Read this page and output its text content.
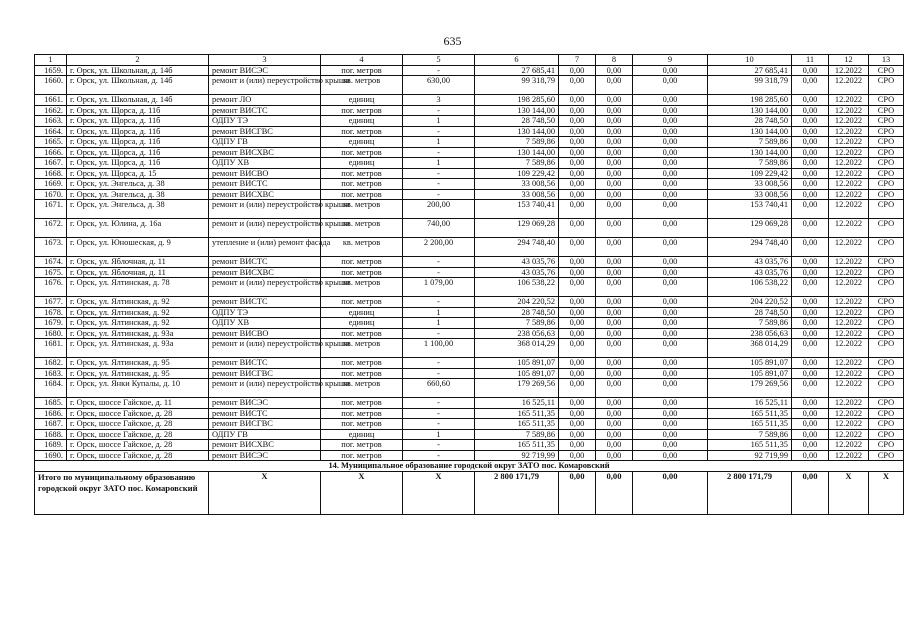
635
1	2	3	4	5	6	7	8	9	10	11	12	13
1659.	г. Орск, ул. Школьная, д. 14б	ремонт ВИСЭС	пог. метров	-	27 685,41	0,00	0,00	0,00	27 685,41	0,00	12.2022	СРО
1660.	г. Орск, ул. Школьная, д. 14б	ремонт и (или) переустройство крыши	кв. метров	630,00	99 318,79	0,00	0,00	0,00	99 318,79	0,00	12.2022	СРО
1661.	г. Орск, ул. Школьная, д. 14б	ремонт ЛО	единиц	3	198 285,60	0,00	0,00	0,00	198 285,60	0,00	12.2022	СРО
1662.	г. Орск, ул. Щорса, д. 11б	ремонт ВИСТС	пог. метров	-	130 144,00	0,00	0,00	0,00	130 144,00	0,00	12.2022	СРО
1663.	г. Орск, ул. Щорса, д. 11б	ОДПУ ТЭ	единиц	1	28 748,50	0,00	0,00	0,00	28 748,50	0,00	12.2022	СРО
1664.	г. Орск, ул. Щорса, д. 11б	ремонт ВИСГВС	пог. метров	-	130 144,00	0,00	0,00	0,00	130 144,00	0,00	12.2022	СРО
1665.	г. Орск, ул. Щорса, д. 11б	ОДПУ ГВ	единиц	1	7 589,86	0,00	0,00	0,00	7 589,86	0,00	12.2022	СРО
1666.	г. Орск, ул. Щорса, д. 11б	ремонт ВИСХВС	пог. метров	-	130 144,00	0,00	0,00	0,00	130 144,00	0,00	12.2022	СРО
1667.	г. Орск, ул. Щорса, д. 11б	ОДПУ ХВ	единиц	1	7 589,86	0,00	0,00	0,00	7 589,86	0,00	12.2022	СРО
1668.	г. Орск, ул. Щорса, д. 15	ремонт ВИСВО	пог. метров	-	109 229,42	0,00	0,00	0,00	109 229,42	0,00	12.2022	СРО
1669.	г. Орск, ул. Энгельса, д. 38	ремонт ВИСТС	пог. метров	-	33 008,56	0,00	0,00	0,00	33 008,56	0,00	12.2022	СРО
1670.	г. Орск, ул. Энгельса, д. 38	ремонт ВИСХВС	пог. метров	-	33 008,56	0,00	0,00	0,00	33 008,56	0,00	12.2022	СРО
1671.	г. Орск, ул. Энгельса, д. 38	ремонт и (или) переустройство крыши	кв. метров	200,00	153 740,41	0,00	0,00	0,00	153 740,41	0,00	12.2022	СРО
1672.	г. Орск, ул. Юлина, д. 16а	ремонт и (или) переустройство крыши	кв. метров	740,00	129 069,28	0,00	0,00	0,00	129 069,28	0,00	12.2022	СРО
1673.	г. Орск, ул. Юношеская, д. 9	утепление и (или) ремонт фасада	кв. метров	2 200,00	294 748,40	0,00	0,00	0,00	294 748,40	0,00	12.2022	СРО
1674.	г. Орск, ул. Яблочная, д. 11	ремонт ВИСТС	пог. метров	-	43 035,76	0,00	0,00	0,00	43 035,76	0,00	12.2022	СРО
1675.	г. Орск, ул. Яблочная, д. 11	ремонт ВИСХВС	пог. метров	-	43 035,76	0,00	0,00	0,00	43 035,76	0,00	12.2022	СРО
1676.	г. Орск, ул. Ялтинская, д. 78	ремонт и (или) переустройство крыши	кв. метров	1 079,00	106 538,22	0,00	0,00	0,00	106 538,22	0,00	12.2022	СРО
1677.	г. Орск, ул. Ялтинская, д. 92	ремонт ВИСТС	пог. метров	-	204 220,52	0,00	0,00	0,00	204 220,52	0,00	12.2022	СРО
1678.	г. Орск, ул. Ялтинская, д. 92	ОДПУ ТЭ	единиц	1	28 748,50	0,00	0,00	0,00	28 748,50	0,00	12.2022	СРО
1679.	г. Орск, ул. Ялтинская, д. 92	ОДПУ ХВ	единиц	1	7 589,86	0,00	0,00	0,00	7 589,86	0,00	12.2022	СРО
1680.	г. Орск, ул. Ялтинская, д. 93а	ремонт ВИСВО	пог. метров	-	238 056,63	0,00	0,00	0,00	238 056,63	0,00	12.2022	СРО
1681.	г. Орск, ул. Ялтинская, д. 93а	ремонт и (или) переустройство крыши	кв. метров	1 100,00	368 014,29	0,00	0,00	0,00	368 014,29	0,00	12.2022	СРО
1682.	г. Орск, ул. Ялтинская, д. 95	ремонт ВИСТС	пог. метров	-	105 891,07	0,00	0,00	0,00	105 891,07	0,00	12.2022	СРО
1683.	г. Орск, ул. Ялтинская, д. 95	ремонт ВИСГВС	пог. метров	-	105 891,07	0,00	0,00	0,00	105 891,07	0,00	12.2022	СРО
1684.	г. Орск, ул. Янки Купалы, д. 10	ремонт и (или) переустройство крыши	кв. метров	660,60	179 269,56	0,00	0,00	0,00	179 269,56	0,00	12.2022	СРО
1685.	г. Орск, шоссе Гайское, д. 11	ремонт ВИСЭС	пог. метров	-	16 525,11	0,00	0,00	0,00	16 525,11	0,00	12.2022	СРО
1686.	г. Орск, шоссе Гайское, д. 28	ремонт ВИСТС	пог. метров	-	165 511,35	0,00	0,00	0,00	165 511,35	0,00	12.2022	СРО
1687.	г. Орск, шоссе Гайское, д. 28	ремонт ВИСГВС	пог. метров	-	165 511,35	0,00	0,00	0,00	165 511,35	0,00	12.2022	СРО
1688.	г. Орск, шоссе Гайское, д. 28	ОДПУ ГВ	единиц	1	7 589,86	0,00	0,00	0,00	7 589,86	0,00	12.2022	СРО
1689.	г. Орск, шоссе Гайское, д. 28	ремонт ВИСХВС	пог. метров	-	165 511,35	0,00	0,00	0,00	165 511,35	0,00	12.2022	СРО
1690.	г. Орск, шоссе Гайское, д. 28	ремонт ВИСЭС	пог. метров	-	92 719,99	0,00	0,00	0,00	92 719,99	0,00	12.2022	СРО
14. Муниципальное образование городской округ ЗАТО пос. Комаровский												
Итого по муниципальному образованию городской округ ЗАТО пос. Комаровский		X	X	X	2 800 171,79	0,00	0,00	0,00	2 800 171,79	0,00	X	X
